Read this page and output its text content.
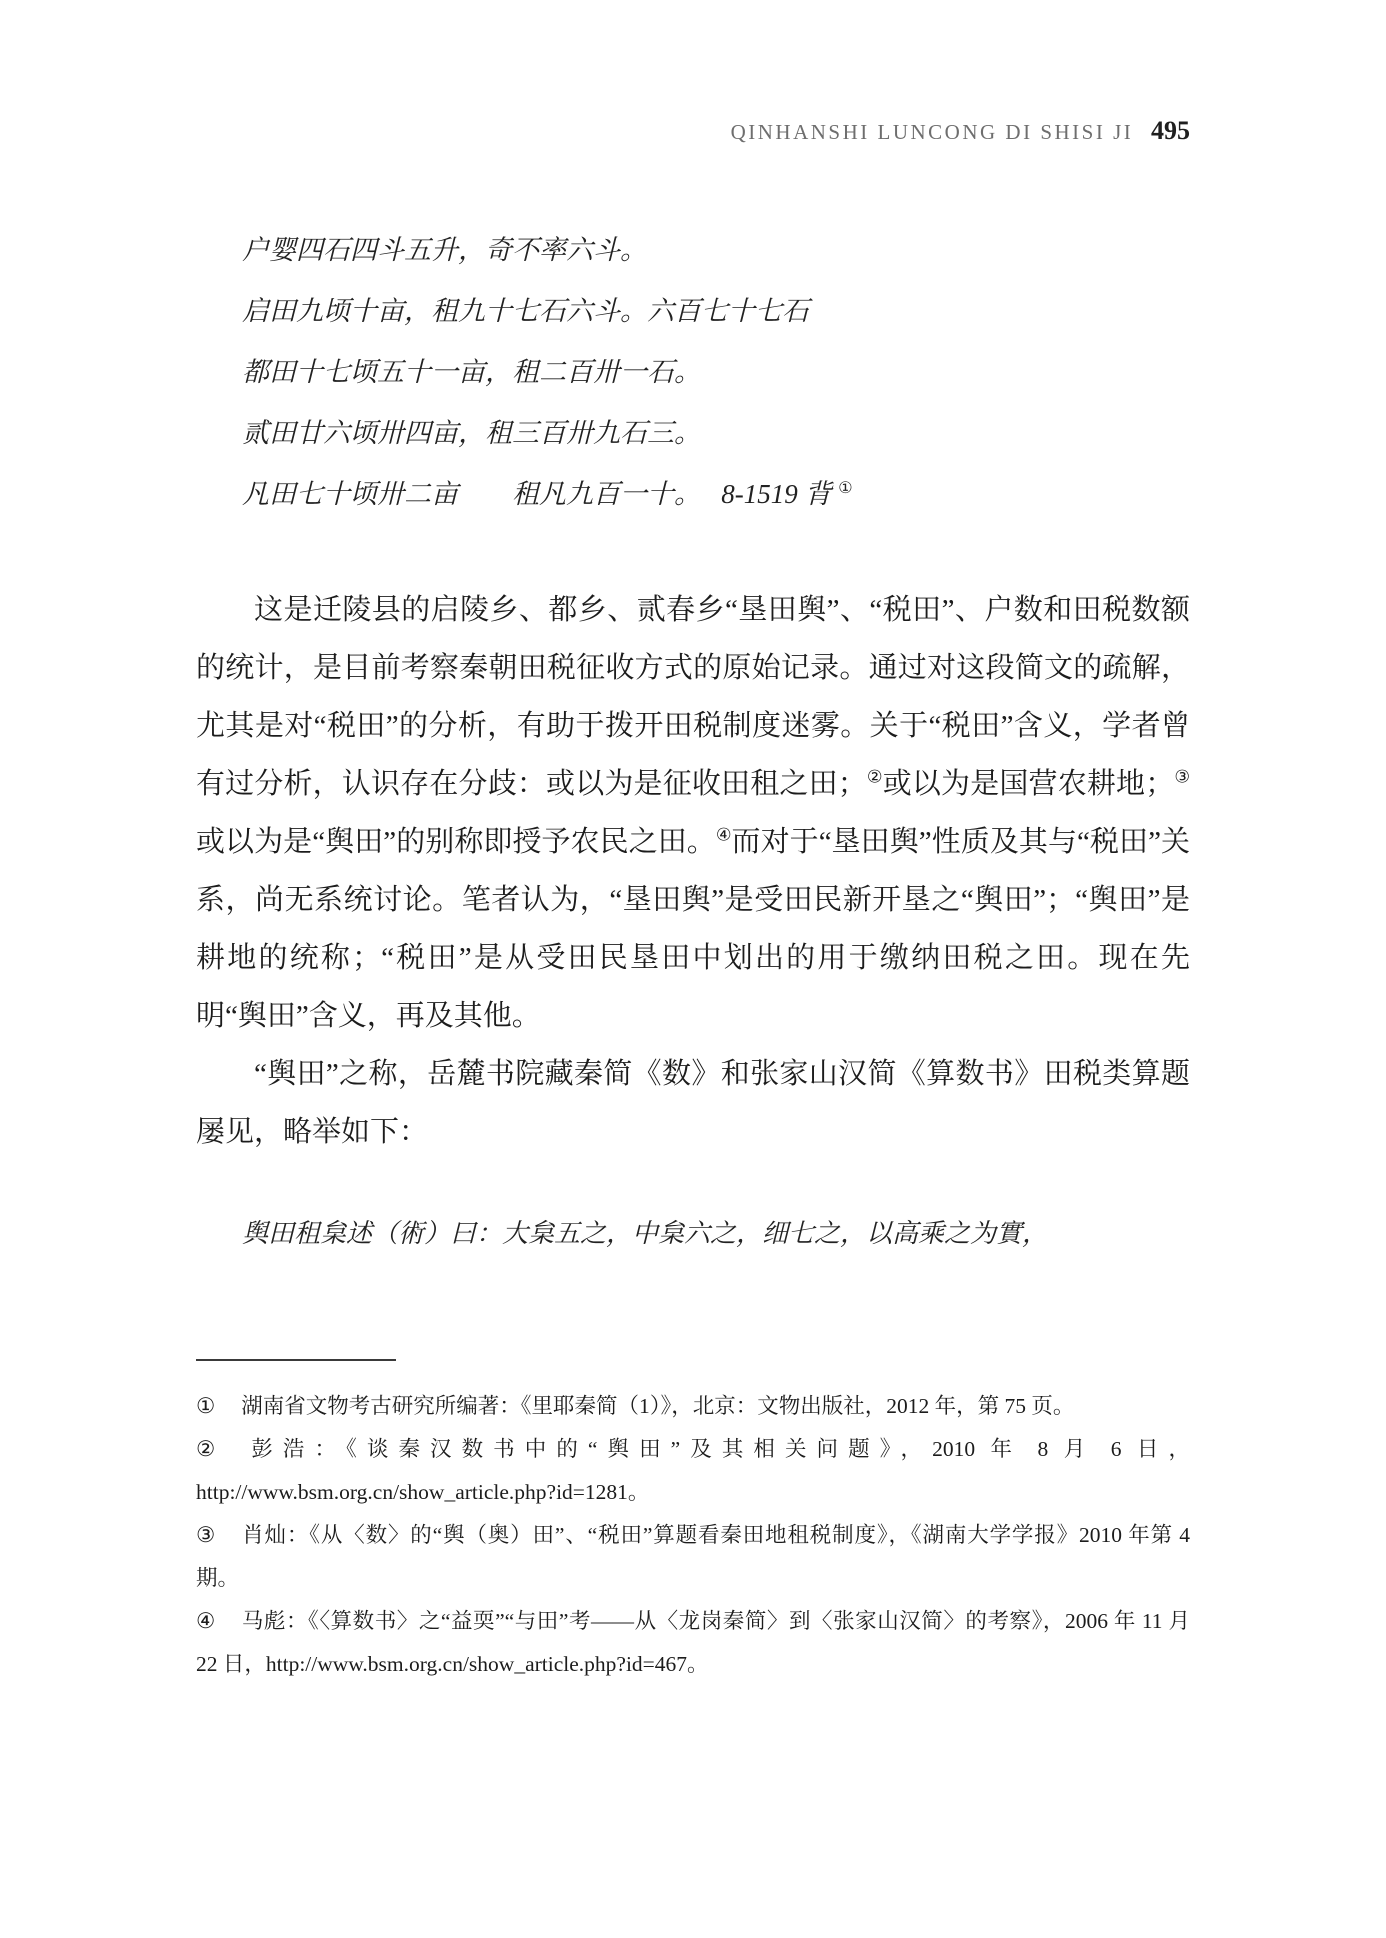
QINHANSHI LUNCONG DI SHISI JI 495
户婴四石四斗五升，奇不率六斗。
启田九顷十亩，租九十七石六斗。六百七十七石
都田十七顷五十一亩，租二百卅一石。
贰田廿六顷卅四亩，租三百卅九石三。
凡田七十顷卅二亩　　租凡九百一十。　 8-1519 背 ①

这是迁陵县的启陵乡、都乡、贰春乡“垦田舆”、“税田”、户数和田税数额的统计，是目前考察秦朝田税征收方式的原始记录。通过对这段简文的疏解，尤其是对“税田”的分析，有助于拨开田税制度迷雾。关于“税田”含义，学者曾有过分析，认识存在分歧：或以为是征收田租之田；②或以为是国营农耕地；③或以为是“舆田”的别称即授予农民之田。④而对于“垦田舆”性质及其与“税田”关系，尚无系统讨论。笔者认为，“垦田舆”是受田民新开垦之“舆田”；“舆田”是耕地的统称；“税田”是从受田民垦田中划出的用于缴纳田税之田。现在先明“舆田”含义，再及其他。

“舆田”之称，岳麓书院藏秦简《数》和张家山汉简《算数书》田税类算题屡见，略举如下：

舆田租枲述（術）曰：大枲五之，中枲六之，细七之，以高乘之为實，

① 湖南省文物考古研究所编著：《里耶秦简（1）》，北京：文物出版社，2012 年，第 75 页。

② 彭浩：《谈秦汉数书中的“舆田”及其相关问题》，2010 年 8 月 6 日，http://www.bsm.org.cn/show_article.php?id=1281。

③ 肖灿：《从〈数〉的“舆（奥）田”、“税田”算题看秦田地租税制度》，《湖南大学学报》2010 年第 4 期。

④ 马彪：《〈算数书〉之“益耎”“与田”考——从〈龙岗秦简〉到〈张家山汉简〉的考察》，2006 年 11 月 22 日，http://www.bsm.org.cn/show_article.php?id=467。
